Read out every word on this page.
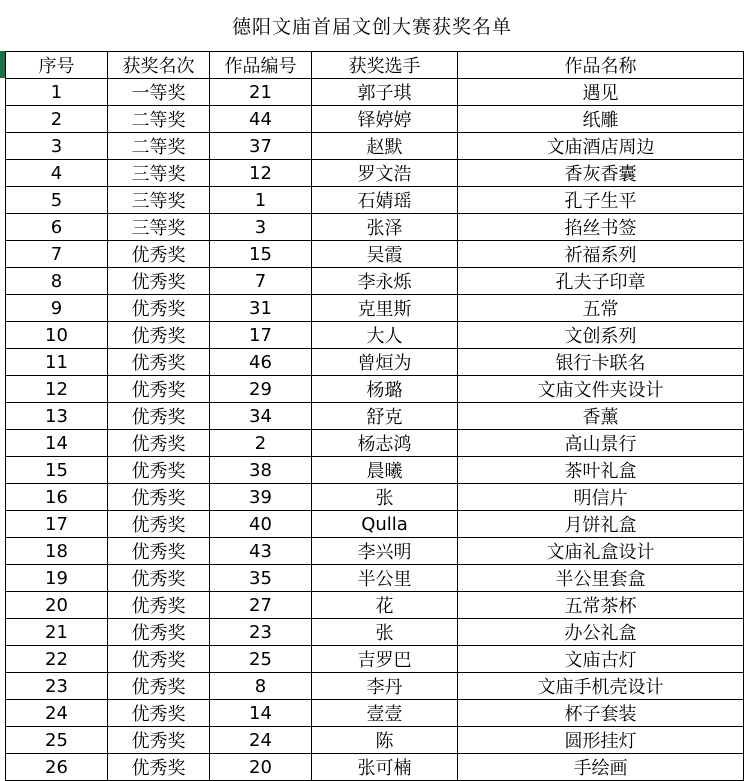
德阳文庙首届文创大赛获奖名单
序号	获奖名次	作品编号	获奖选手	作品名称
1	一等奖	21	郭子琪	遇见
2	二等奖	44	铎婷婷	纸雕
3	二等奖	37	赵默	文庙酒店周边
4	三等奖	12	罗文浩	香灰香囊
5	三等奖	1	石婧瑶	孔子生平
6	三等奖	3	张泽	掐丝书签
7	优秀奖	15	吴霞	祈福系列
8	优秀奖	7	李永烁	孔夫子印章
9	优秀奖	31	克里斯	五常
10	优秀奖	17	大人	文创系列
11	优秀奖	46	曾烜为	银行卡联名
12	优秀奖	29	杨璐	文庙文件夹设计
13	优秀奖	34	舒克	香薰
14	优秀奖	2	杨志鸿	高山景行
15	优秀奖	38	晨曦	茶叶礼盒
16	优秀奖	39	张	明信片
17	优秀奖	40	Qulla	月饼礼盒
18	优秀奖	43	李兴明	文庙礼盒设计
19	优秀奖	35	半公里	半公里套盒
20	优秀奖	27	花	五常茶杯
21	优秀奖	23	张	办公礼盒
22	优秀奖	25	吉罗巴	文庙古灯
23	优秀奖	8	李丹	文庙手机壳设计
24	优秀奖	14	壹壹	杯子套装
25	优秀奖	24	陈	圆形挂灯
26	优秀奖	20	张可楠	手绘画
